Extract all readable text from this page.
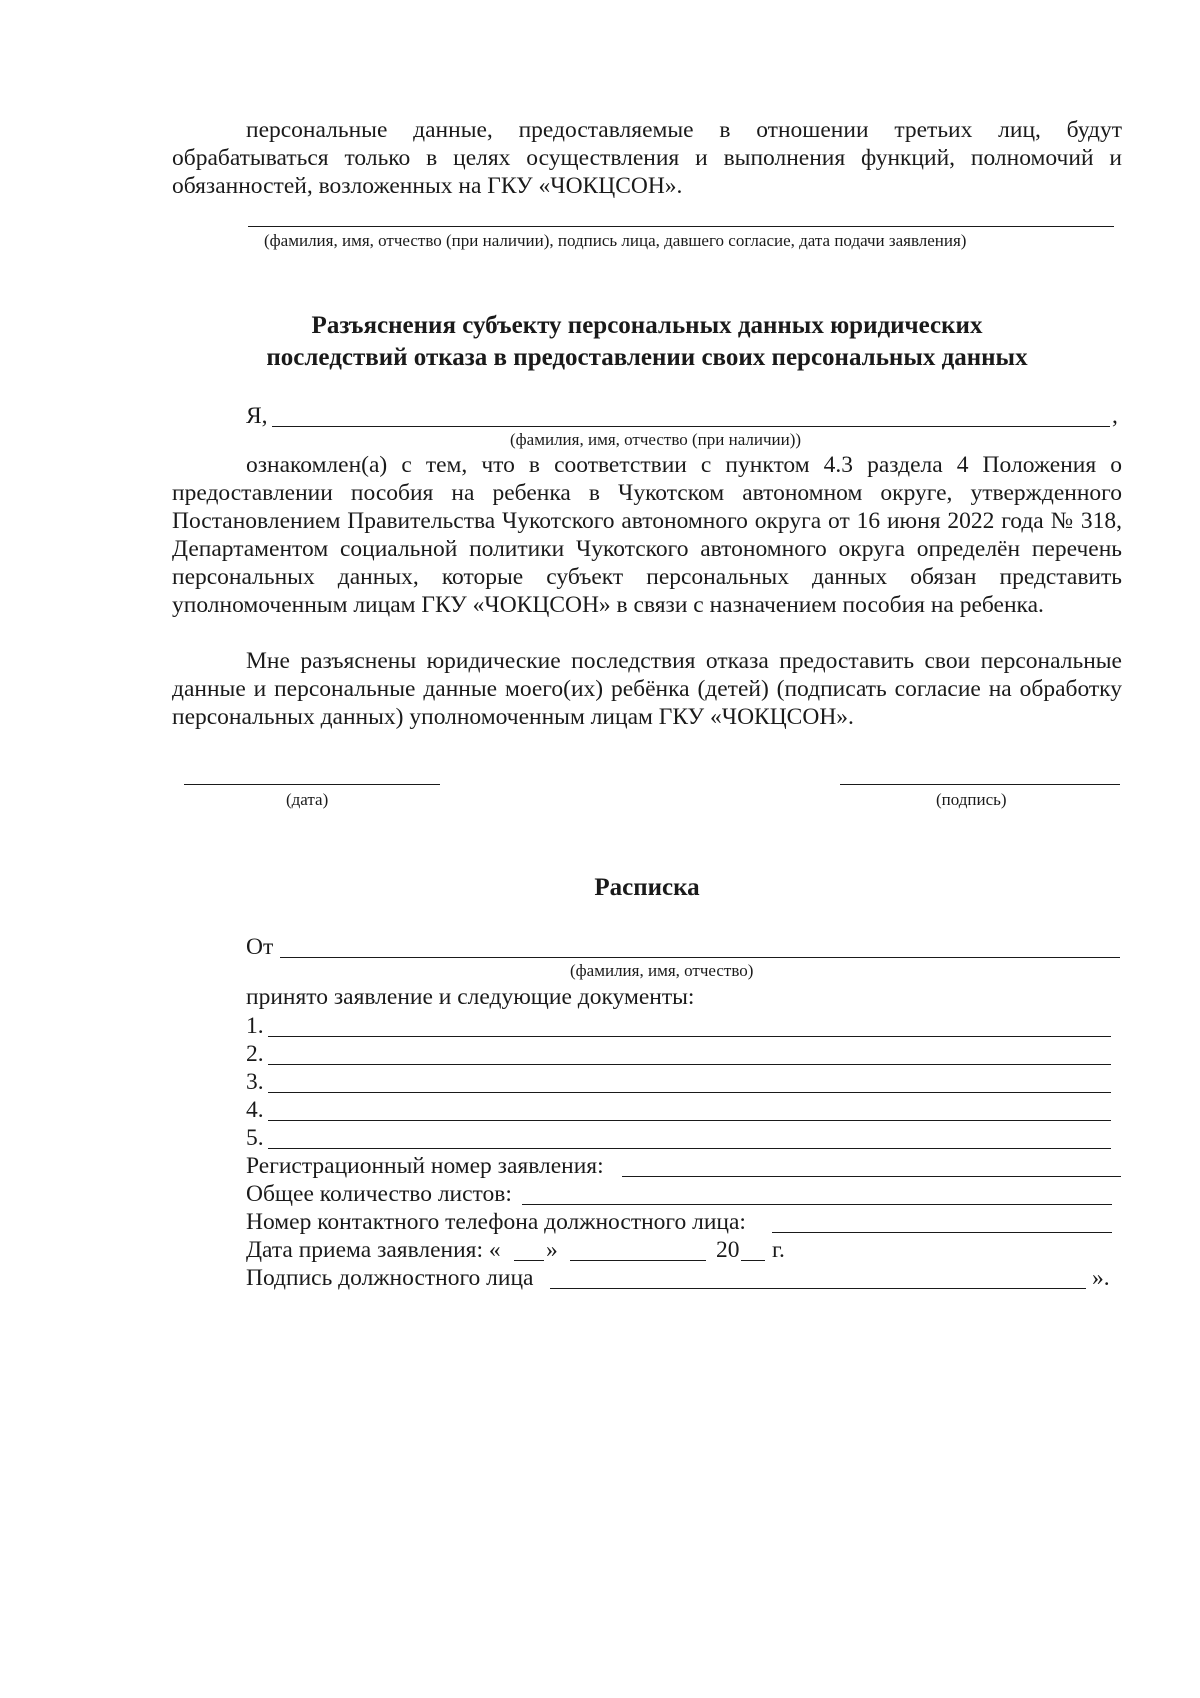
персональные данные, предоставляемые в отношении третьих лиц, будут обрабатываться только в целях осуществления и выполнения функций, полномочий и обязанностей, возложенных на ГКУ «ЧОКЦСОН».
(фамилия, имя, отчество (при наличии), подпись лица, давшего согласие, дата подачи заявления)
Разъяснения субъекту персональных данных юридических
последствий отказа в предоставлении своих персональных данных
Я,	,
(фамилия, имя, отчество (при наличии))
ознакомлен(а) с тем, что в соответствии с пунктом 4.3 раздела 4 Положения о предоставлении пособия на ребенка в Чукотском автономном округе, утвержденного Постановлением Правительства Чукотского автономного округа от 16 июня 2022 года № 318, Департаментом социальной политики Чукотского автономного округа определён перечень персональных данных, которые субъект персональных данных обязан представить уполномоченным лицам ГКУ «ЧОКЦСОН» в связи с назначением пособия на ребенка.
Мне разъяснены юридические последствия отказа предоставить свои персональные данные и персональные данные моего(их) ребёнка (детей) (подписать согласие на обработку персональных данных) уполномоченным лицам ГКУ «ЧОКЦСОН».
(дата)	(подпись)
Расписка
От
(фамилия, имя, отчество)
принято заявление и следующие документы:
1.
2.
3.
4.
5.
Регистрационный номер заявления:
Общее количество листов:
Номер контактного телефона должностного лица:
Дата приема заявления: « »	20 г.
Подпись должностного лица	».
